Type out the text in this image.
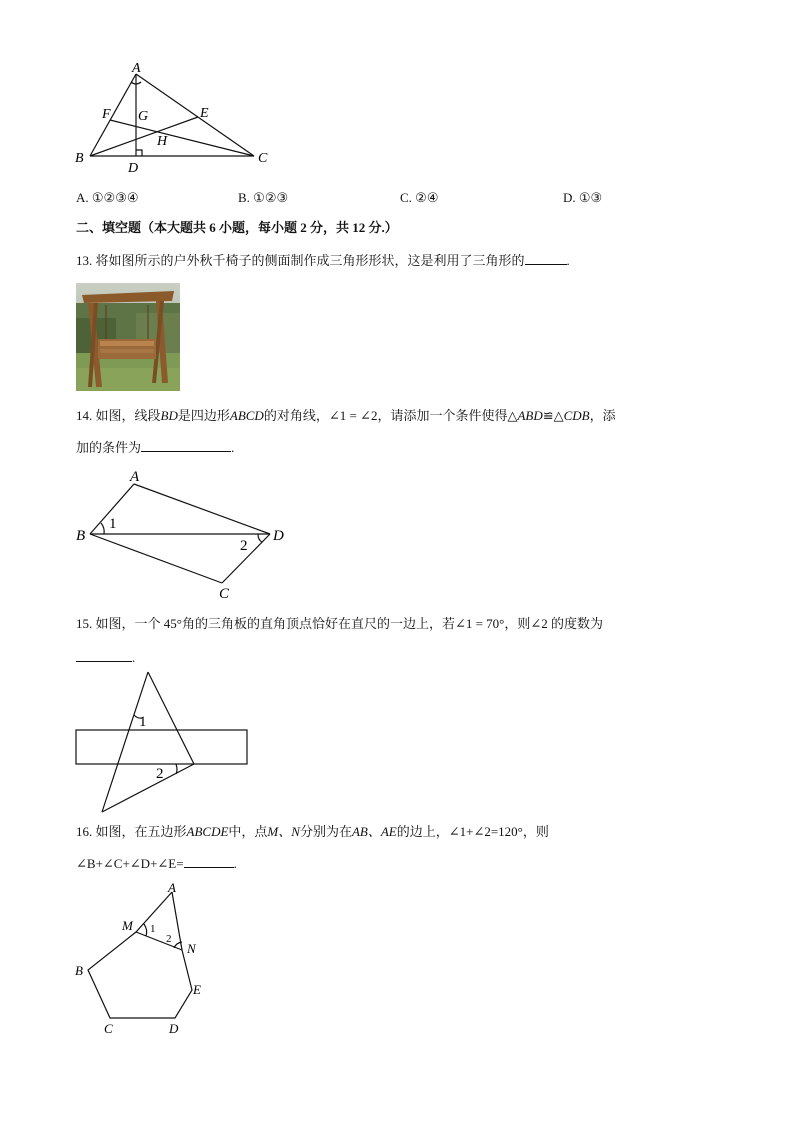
A
F G	E
H
B
D
C
A. ①②③④	B. ①②③	C. ②④	D. ①③
二、填空题（本大题共 6 小题，每小题 2 分，共 12 分.）
13. 将如图所示的户外秋千椅子的侧面制作成三角形形状，这是利用了三角形的	.
14. 如图，线段BD是四边形ABCD的对角线，∠1 = ∠2，请添加一个条件使得△ABD≌△CDB，添
加的条件为	.
A
B	D
C
1
2
15. 如图，一个 45°角的三角板的直角顶点恰好在直尺的一边上，若∠1 = 70°，则∠2 的度数为
.
1
2
16. 如图，在五边形ABCDE中，点M、N分别为在AB、AE的边上，∠1+∠2=120°，则
∠B+∠C+∠D+∠E=	.
A
M
N
B
E
C	D
1
2
